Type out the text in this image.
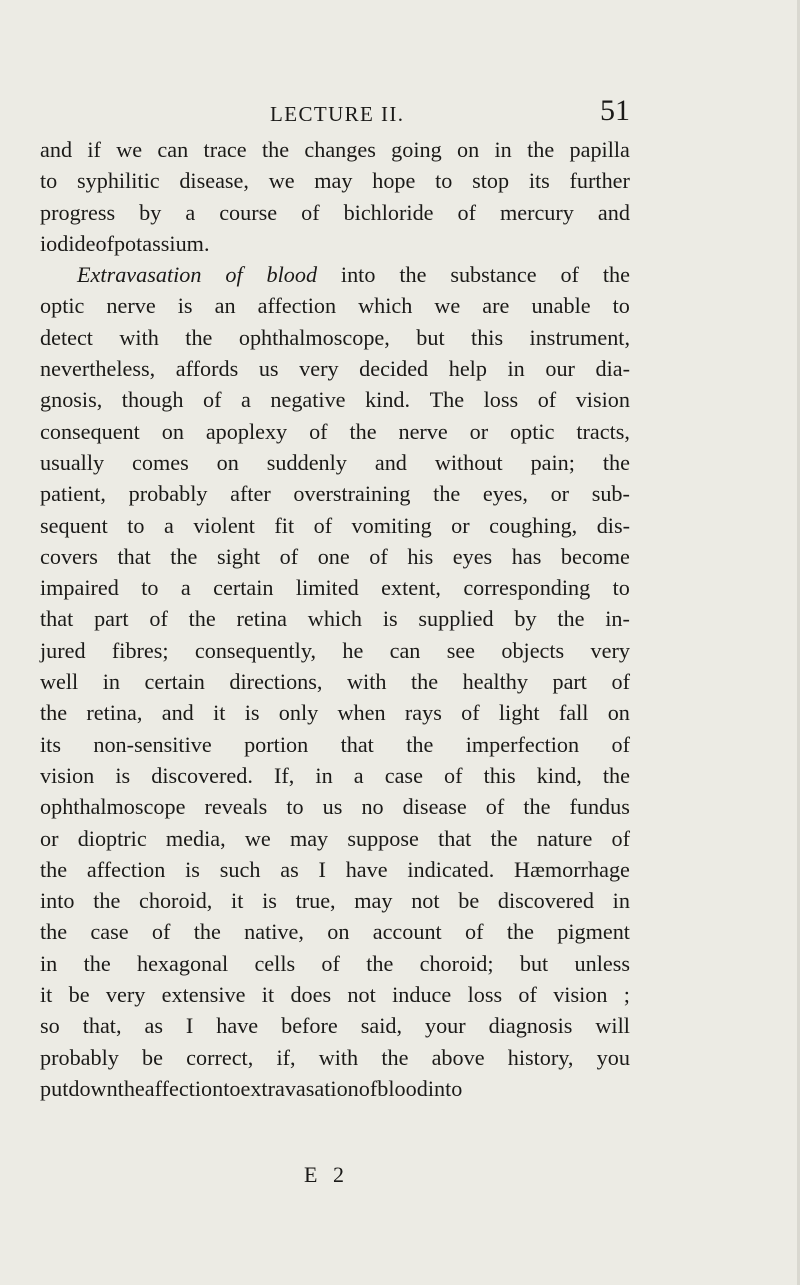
LECTURE II.	51
and if we can trace the changes going on in the papilla
to syphilitic disease, we may hope to stop its further
progress by a course of bichloride of mercury and
iodide of potassium.
Extravasation of blood into the substance of the
optic nerve is an affection which we are unable to
detect with the ophthalmoscope, but this instrument,
nevertheless, affords us very decided help in our dia-
gnosis, though of a negative kind. The loss of vision
consequent on apoplexy of the nerve or optic tracts,
usually comes on suddenly and without pain; the
patient, probably after overstraining the eyes, or sub-
sequent to a violent fit of vomiting or coughing, dis-
covers that the sight of one of his eyes has become
impaired to a certain limited extent, corresponding to
that part of the retina which is supplied by the in-
jured fibres; consequently, he can see objects very
well in certain directions, with the healthy part of
the retina, and it is only when rays of light fall on
its non-sensitive portion that the imperfection of
vision is discovered. If, in a case of this kind, the
ophthalmoscope reveals to us no disease of the fundus
or dioptric media, we may suppose that the nature of
the affection is such as I have indicated. Hæmorrhage
into the choroid, it is true, may not be discovered in
the case of the native, on account of the pigment
in the hexagonal cells of the choroid; but unless
it be very extensive it does not induce loss of vision ;
so that, as I have before said, your diagnosis will
probably be correct, if, with the above history, you
put down the affection to extravasation of blood into
E 2
